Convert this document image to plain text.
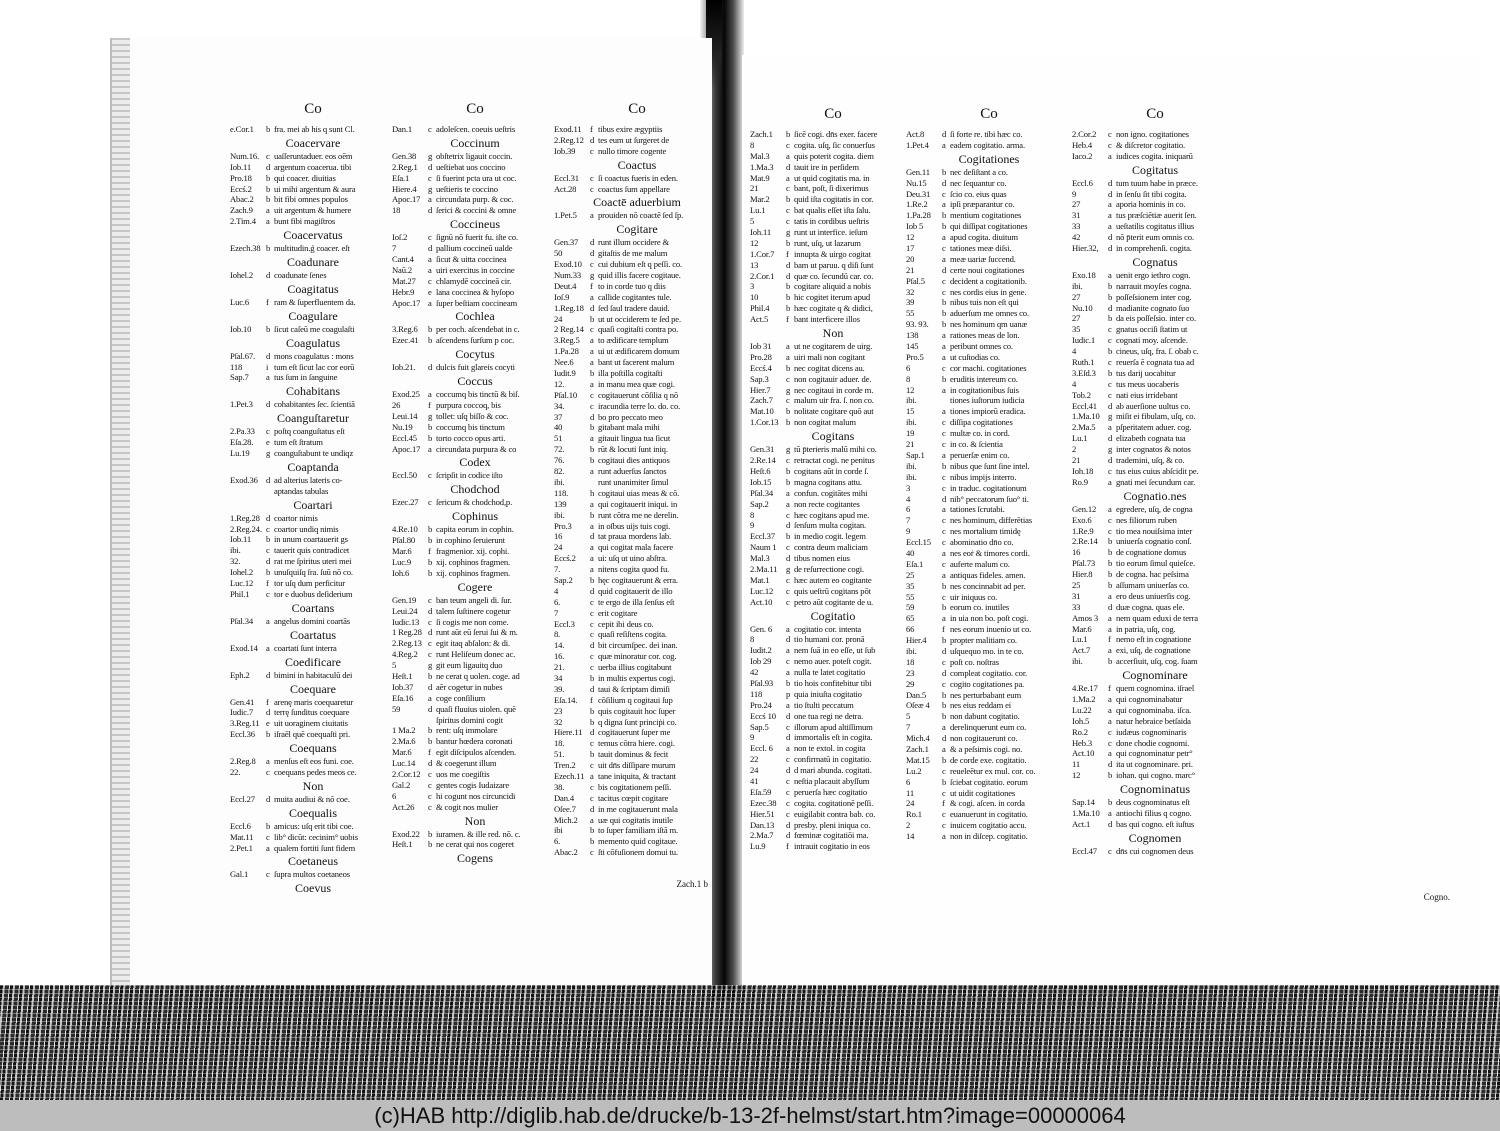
Co
e.Cor.1 b fra. mei ab his q sunt Cl.
Coacervare
Num.16. c uaſſeruntaduer. eos oēm
Iob.11 d argentum coacerua. tibi
Pro.18 b qui coacer. diuitias
Eccś.2 b ui mihi argentum & aura
Abac.2 b bit fibi omnes populos
Zach.9 a uit argentum & humere
2.Tim.4 a bunt fibi magiſtros
Coacervatus
Ezech.38 b multitudin.ǵ coacer. eſt
Coadunare
Iohel.2 d coadunate ſenes
Coagitatus
Luc.6 f ram & ſuperfluentem da.
Coagulare
Iob.10 b ſicut caſeū me coagulaſti
Coagulatus
Pſal.67. d mons coagulatus : mons
118	i tum eſt ſicut lac cor eorū
Sap.7 a tus ſum in ſanguine
Cohabitans
1.Pet.3 d cohabitantes ſec. ſcientiā
Coanguſtaretur
2.Pa.33 c poſtq coanguſtatus eſt
Eſa.28. e tum eſt ſtratum
Lu.19 g coanguſtabunt te undiqz
Coaptanda
Exod.36 d ad alterius lateris co-
aptandas tabulas
Coartari
1.Reg.28 d coartor nimis
2.Reg.24. c coartor undiq nimis
Iob.11 b in unum coartauerit gs
ibi.	c tauerit quis contradicet
32.	d rat me ſpiritus uteri mei
Iohel.2 b unuſquiſq ſra. ſuū nō co.
Luc.12 f tor uſq dum perficitur
Phil.1 c tor e duobus deſiderium
Coartans
Pſal.34 a angelus domini coartās
Coartatus
Exod.14 a coartati ſunt interra
Coedificare
Eph.2 d bimini in habitaculū dei
Coequare
Gen.41 f arenę maris coequaretur
Iudic.7 d terrę ſunditus coequare
3.Reg.11 e uit uoraginem ciuitatis
Eccl.36 b iſraēl quē coequaſti pri.
Coequans
2.Reg.8 a menſus eſt eos funi. coe.
22.	c coequans pedes meos ce.
Non
Eccl.27 d muita audiui & nō coe.
Coequalis
Eccl.6 b amicus: uſq erit tibi coe.
Mat.11 c lib° dicūt: cecinim° uobis
2.Pet.1 a qualem fortiti ſunt fidem
Coetaneus
Gal.1 c ſupra multos coetaneos
Coevus
Co
Dan.1 c adoleſcen. coeuis ueſtris
Coccinum
Gen.38 g obſtetrix ligauit coccin.
2.Reg.1 d ueſtiebat uos coccino
Eſa.1 c ſi fuerint pcta ura ut coc.
Hiere.4 g ueſtieris te coccino
Apoc.17 a circundata purp. & coc.
18	d ſerici & coccini & omne
Coccineus
Ioſ.2 c ſignū nō fuerit fu. iſte co.
7	d pallium coccineū ualde
Cant.4 a ſicut & uitta coccinea
Naū.2 a uiri exercitus in coccine
Mat.27 c chlamydē coccineā cir.
Hebr.9 e lana coccinea & hyſopo
Apoc.17 a ſuper beſtiam coccineam
Cochlea
3.Reg.6 b per coch. aſcendebat in c.
Ezec.41 b aſcendens ſurſum p coc.
Cocytus
Iob.21. d dulcis fuit glareis cocyti
Coccus
Exod.25 a coccumq bis tinctū & biſ.
26	f purpura coccoq, bis
Leui.14 g tollet: uſq biſſo & coc.
Nu.19 b coccumq bis tinctum
Eccl.45 b torto cocco opus arti.
Apoc.17 a circundata purpura & co
Codex
Eccl.50 c ſcripſit in codice iſto
Chodchod
Ezec.27 c ſericum & chodchod,p.
Cophinus
4.Re.10 b capita eorum in cophin.
Pſal.80 b in cophino ſeruierunt
Mar.6 f fragmenior. xij. cophi.
Luc.9 b xij. cophinos fragmen.
Ioh.6 b xij. cophinos fragmen.
Cogere
Gen.19 c ban teum angeli di. ſur.
Leui.24 d talem ſuſtinere cogetur
Iudic.13 c ſi cogis me non come.
1 Reg.28 d runt aūt eū ſerui ſui & m.
2.Reg.13 c egit itaq abſalon: & di.
4.Reg.2 c runt Heliſeum donec ac.
5	g git eum ligauitq duo
Heſt.1 b ne cerat q uolen. coge. ad
Iob.37 d aēr cogetur in nubes
Eſa.16 a coge conſilium
59	d quaſi fluuius uiolen. quē
ſpiritus domini cogit
1 Ma.2 b rent: uſq immolare
2.Ma.6 b bantur hœdera coronati
Mar.6 f egit diſcipulos aſcenden.
Luc.14 d & coegerunt illum
2.Cor.12 c uos me coegiſtis
Gal.2 c gentes cogis Iudaizare
6	c hi cogunt nos circuncidi
Act.26 c & cogit nos mulier
Non
Exod.22 b iuramen. & ille red. nō. c.
Heſt.1 b ne cerat qui nos cogeret
Cogens
Co
Exod.11 f tibus exire ægyptiis
2.Reg.12 d tes eum ut ſurgeret de
Iob.39 c nullo timore cogente
Coactus
Eccl.31 c ſi coactus fueris in eden.
Act.28 c coactus ſum appellare
Coactē aduerbium
1.Pet.5 a prouiden nō coactē ſed ſp.
Cogitare
Gen.37 d runt illum occidere &
50	d gitaſtis de me malum
Exod.10 c cui dubium eſt q peſſi. co.
Num.33 g quid illis facere cogitaue.
Deut.4 f to in corde tuo q diis
Ioſ.9 a callide cogitantes tule.
1.Reg.18 d ſed ſaul tradere dauid.
24	b ut ut occiderem te ſed pe.
2 Reg.14 c quaſi cogitaſti contra po.
3.Reg.5 a to ædificare templum
1.Pa.28 a ui ut ædificarem domum
Nee.6 a bant ut facerent malum
Iudit.9 b illa poſtilla cogitaſti
12.	a in manu mea quæ cogi.
Pſal.10 c cogitauerunt cōſilia q nō
34.	c iracundia terre lo. do. co.
37	d bo pro peccato meo
40	b gitabant mala mihi
51	a gitauit lingua tua ſicut
72.	b rūt & locuti ſunt iniq.
76.	b cogitaui dies antiquos
82.	a runt aduerſus ſanctos
ibi.	runt unanimiter ſimul
118.	h cogitaui uias meas & cō.
139	a qui cogitauerit iniqui. in
ibi.	b runt cōtra me ne derelin.
Pro.3 a in oſbus uijs tuis cogi.
16	d tat praua mordens lab.
24	a qui cogitat mala facere
Eccś.2 a ui: uſq ut uino abſtra.
7.	a nitens cogita quod fu.
Sap.2 b hęc cogitauerunt & erra.
4	d quid cogitauerit de illo
6.	c te ergo de illa ſenſus eſt
7	c erit cogitare
Eccl.3 c cepit ibi deus co.
8.	c quaſi reſiſtens cogita.
14.	d bit circumſpec. dei inan.
16.	c quæ minoratur cor. cog.
21.	c uerba illius cogitabunt
34	b in multis expertus cogi.
39.	d taui & ſcriptam dimiſi
Eſa.14. f cōſilium q cogitaui ſup
23	b quis cogitauit hoc ſuper
32	b q digna ſunt princiṗi co.
Hiere.11 d cogitauerunt ſuper me
18.	c temus cōtra hiere. cogi.
51.	b tauit dominus & fecit
Tren.2 c uit dn̄s diſſipare murum
Ezech.11 a tane iniquita, & tractant
38.	c bis cogitationem peſſi.
Dan.4 c tacitus cœpit cogitare
Oſee.7 d in me cogitauerunt mala
Mich.2 a uæ qui cogitatis inutile
ibi	b to ſuper familiam iſtā m.
6.	b memento quid cogitaue.
Abac.2 c ſti cōfuſionem domui tu.
Zach.1 b
Co
Zach.1 b ſicē cogi. dn̄s exer. facere
8	c cogita. uſq, ſic conuerſus
Mal.3 a quis poterit cogita. diem
1.Ma.3 d tauit ire in perſidem
Mat.9 a ut quid cogitatis ma. in
21	c bant, poſt, ſi dixerimus
Mar.2 b quid iſta cogitatis in cor.
Lu.1 c bat qualis eſſet iſta ſalu.
5	c tatis in cordibus ueſtris
Ioh.11 g runt ut interfice. ieſum
12	b runt, uſq, ut lazarum
1.Cor.7 f innupta & uirgo cogitat
13	d bam ut paruu. q diſi ſunt
2.Cor.1 d quæ co. ſecundū car. co.
3	b cogitare aliquid a nobis
10	b hic cogitet iterum apud
Phil.4 b hæc cogitate q & didici,
Act.5 f bant interficere illos
Non
Iob 31 a ut ne cogitarem de uirg.
Pro.28 a uiri mali non cogitant
Eccś.4 b nec cogitat dicens au.
Sap.3 c non cogitauir aduer. de.
Hier.7 g nec cogitaui in corde m.
Zach.7 c malum uir fra. ſ. non co.
Mat.10 b nolitate cogitare quō aut
1.Cor.13 b non cogitat malum
Cogitans
Gen.31 g tū p̄terieris malū mihi co.
2.Re.14 c retractat cogi. ne penitus
Heſt.6 b cogitans aūt in corde ſ.
Iob.15 b magna cogitans attu.
Pſal.34 a confun. cogitātes mihi
Sap.2 a non recte cogitantes
8	c hæc cogitans apud me.
9	d ſenſum multa cogitan.
Eccl.37 b in medio cogit. legem
Naum 1 c contra deum maliciam
Mal.3 d tibus nomen eius
2.Ma.11 g de reſurrectione cogi.
Mat.1 c hæc autem eo cogitante
Luc.12 c quis ueſtrū cogitans pōt
Act.10 c petro aūt cogitante de u.
Cogitatio
Gen. 6 a cogitatio cor. intenta
8	d tio humani cor. pronā
Iudit.2 a nem ſuā in eo eſſe, ut ſub
Iob 29 c nemo auer. poteſt cogit.
42	a nulla te latet cogitatio
Pſal.93 b tio hois confitebitur tibi
118	p quia iniuſta cogitatio
Pro.24 a tio ſtulti peccatum
Eccś 10 d one tua regi ne detra.
Sap.5 c illorum apud altiſſimum
9	d immortalis eſt in cogita.
Eccl. 6 a non te extol. in cogita
22	c confirmatū in cogitatio.
24	d d mari abunda. cogitati.
41	c neſtia placauit abyſſum
Eſa.59 c peruerſa hæc cogitatio
Ezec.38 c cogita. cogitationē peſſi.
Hier.51 c euigilabit contra bab. co.
Dan.13 d presby. pleni iniqua co.
2.Ma.7 d fœminæ cogitatiōi ma.
Lu.9 f intrauit cogitatio in eos
Co
Act.8 d ſi forte re. tibi hæc co.
1.Pet.4 a eadem cogitatio. arma.
Cogitationes
Gen.11 b nec deſiſtant a co.
Nu.15 d nec ſequantur co.
Deu.31 c ſcio co. eius quas
1.Re.2 a ipſi præparantur co.
1.Pa.28 b mentium cogitationes
Iob 5 b qui diſſipat cogitationes
12	a apud cogita. diuitum
17	c tationes meæ diſsi.
20	a meæ uariæ ſuccend.
21	d certe noui cogitationes
Pſal.5 c decident a cogitationib.
32	c nes cordis eius in gene.
39	b nibus tuis non eſt qui
55	b aduerſum me omnes co.
93. 93. b nes hominum qm uanæ
138	a rationes meas de lon.
145	a peribunt omnes co.
Pro.5 a ut cuſtodias co.
6	c cor machi. cogitationes
8	b eruditis intereum co.
12	a in cogitationibus ſuis
ibi.	tiones iuſtorum iudicia
15	a tiones impiorū eradica.
ibi.	c diſſipa cogitationes
19	c multæ co. in cord.
21	c in co. & ſcientia
Sap.1 a peruerſæ enim co.
ibi.	b nibus que ſunt ſine intel.
ibi.	c nibus impijs interro.
3	c in traduc. cogitationum
4	d nib° peccatorum ſuo° ti.
6	a tationes ſcrutabi.
7	c nes hominum, differētias
9	c nes mortalium timidę
Eccl.15 c abominatio dn̄o co.
40	a nes eoṙ & timores cordi.
Eſa.1 c auferte malum co.
25	a antiquas fideles. amen.
35	b nes concinnabit ad per.
55	c uir iniquus co.
59	b eorum co. inutiles
65	a in uia non bo. poſt cogi.
66	f nes eorum inuenio ut co.
Hier.4 b propter malitiam co.
ibi.	d uſquequo mo. in te co.
18	c poſt co. noſtras
23	d compleat cogitatio. cor.
29	c cogito cogitationes pa.
Dan.5 b nes perturbabant eum
Oſeæ 4 b nes eius reddam ei
5	b non dabunt cogitatio.
7	a derelinquerunt eum co.
Mich.4 d non cogitauerunt co.
Zach.1 a & a peſsimis cogi. no.
Mat.15 b de corde exe. cogitatio.
Lu.2 c reueleētur ex mul. cor. co.
6	b ſciebat cogitatio. eorum
11	c ut uidit cogitationes
24	f & cogi. aſcen. in corda
Ro.1 c euanuerunt in cogitatio.
2	c inuicem cogitatio accu.
14	a non in diſcep. cogitatio.
Co
2.Cor.2 c non igno. cogitationes
Heb.4 c & diſcretor cogitatio.
Iaco.2 a iudices cogita. iniquarū
Cogitatus
Eccl.6 d tum tuum habe in præce.
9	d in ſenſu ſit tibi cogita.
27	a aporia hominis in co.
31	a tus præſciētiæ auerit ſen.
33	a ueſtatilis cogitatus illius
42	d nō p̄terit eum omnis co.
Hier.32, d in comprehenſi. cogita.
Cognatus
Exo.18 a uenit ergo iethro cogn.
ibi.	b narrauit moyſes cogna.
27	b poſſeſsionem inter cog.
Nu.10 d madianite cognato ſuo
27	b da eis poſſeſsio. inter co.
35	c gnatus occiſi ſtatim ut
Iudic.1 c cognati moy. aſcende.
4	b cineus, uſq, fra. ſ. obab c.
Ruth.1 c reuerſa ē cognata tua ad
3.Eſd.3 b tus darij uocabitur
4	c tus meus uocaberis
Tob.2 c nati eius irridebant
Eccl.41 d ab auerſione uultus co.
1.Ma.10 g miſit ei fibulam, uſq, co.
2.Ma.5 a pſperitatem aduer. cog.
Lu.1 d elizabeth cognata tua
2	g inter cognatos & notos
21	d trademini, uſq, & co.
Ioh.18 c tus eius cuius abſcidit pe.
Ro.9 a gnati mei ſecundum car.
Cognatio.nes
Gen.12 a egredere, uſq, de cogna
Exo.6 c nes filiorum ruben
1.Re.9 c tio mea nouiſsima inter
2.Re.14 b uniuerſa cognatio conſ.
16	b de cognatione domus
Pſal.73 b tio eorum ſimul quieſce.
Hier.8 b de cogna. hac peſsima
25	b aſſumam uniuerſas co.
31	a ero deus uniuerſis cog.
33	d duæ cogna. quas ele.
Amos 3 a nem quam eduxi de terra
Mar.6 a in patria, uſq, cog.
Lu.1 f nemo eſt in cognatione
Act.7 a exi, uſq, de cognatione
ibi.	b accerſiuit, uſq, cog. ſuam
Cognominare
4.Re.17 f quem cognomina. iſrael
1.Ma.2 a qui cognominabatur
Lu.22 a qui cognominaba. iſca.
Ioh.5 a natur hebraice betſaida
Ro.2 c iudæus cognominaris
Heb.3 c done chodie cognomi.
Act.10 a qui cognominatur petr°
11	d ita ut cognominare. pri.
12	b iohan. qui cogno. marc°
Cognominatus
Sap.14 b deus cognominatus eſt
1.Ma.10 a antiochi filius q cogno.
Act.1 d bas qui cogno. eſt iuſtus
Cognomen
Eccl.47 c dn̄s cui cognomen deus
Cogno.
(c)HAB http://diglib.hab.de/drucke/b-13-2f-helmst/start.htm?image=00000064
